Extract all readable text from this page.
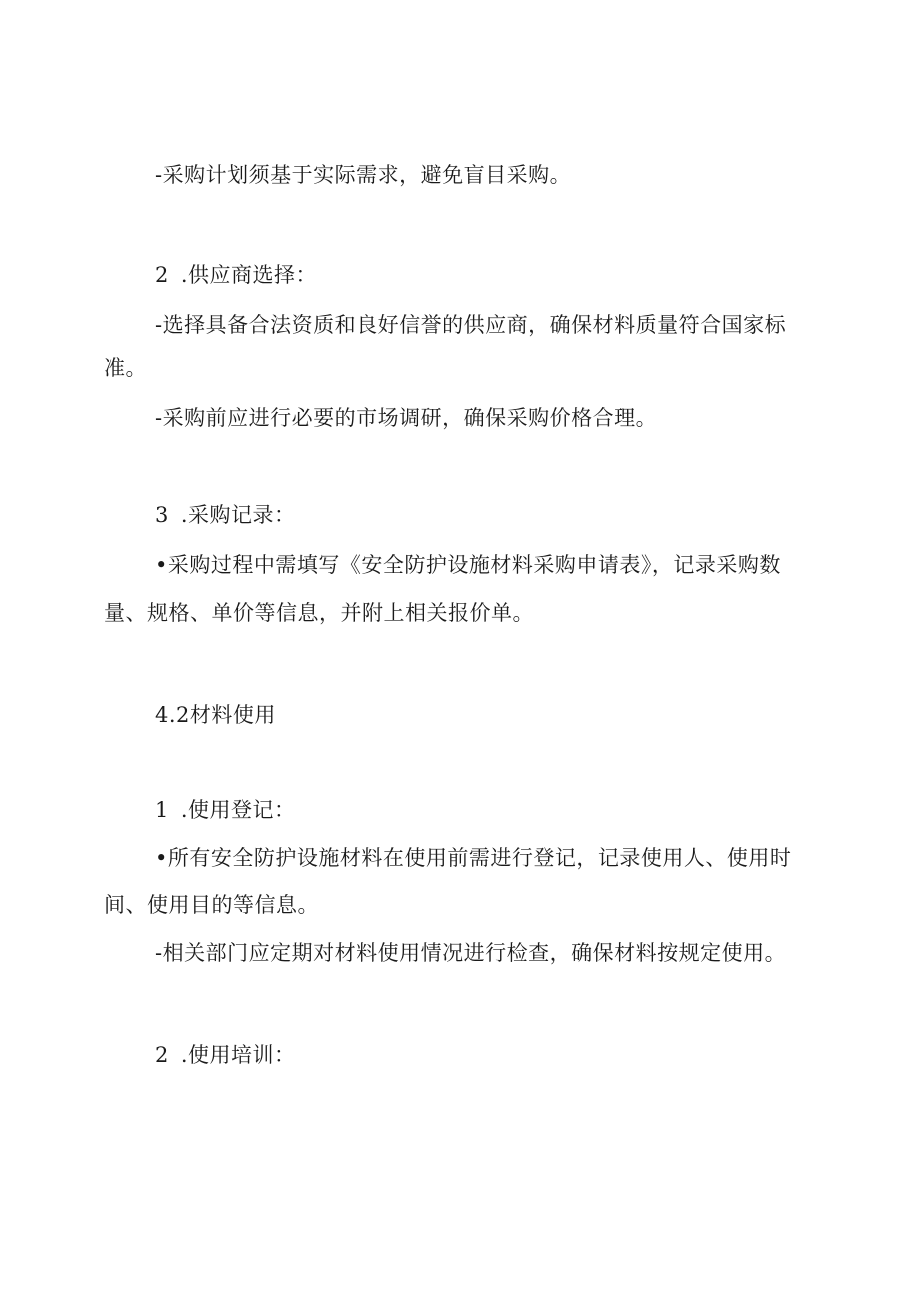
-采购计划须基于实际需求，避免盲目采购。
2 .供应商选择：
-选择具备合法资质和良好信誉的供应商，确保材料质量符合国家标
准。
-采购前应进行必要的市场调研，确保采购价格合理。
3 .采购记录：
•采购过程中需填写《安全防护设施材料采购申请表》，记录采购数
量、规格、单价等信息，并附上相关报价单。
4.2材料使用
1 .使用登记：
•所有安全防护设施材料在使用前需进行登记，记录使用人、使用时
间、使用目的等信息。
-相关部门应定期对材料使用情况进行检查，确保材料按规定使用。
2 .使用培训：
